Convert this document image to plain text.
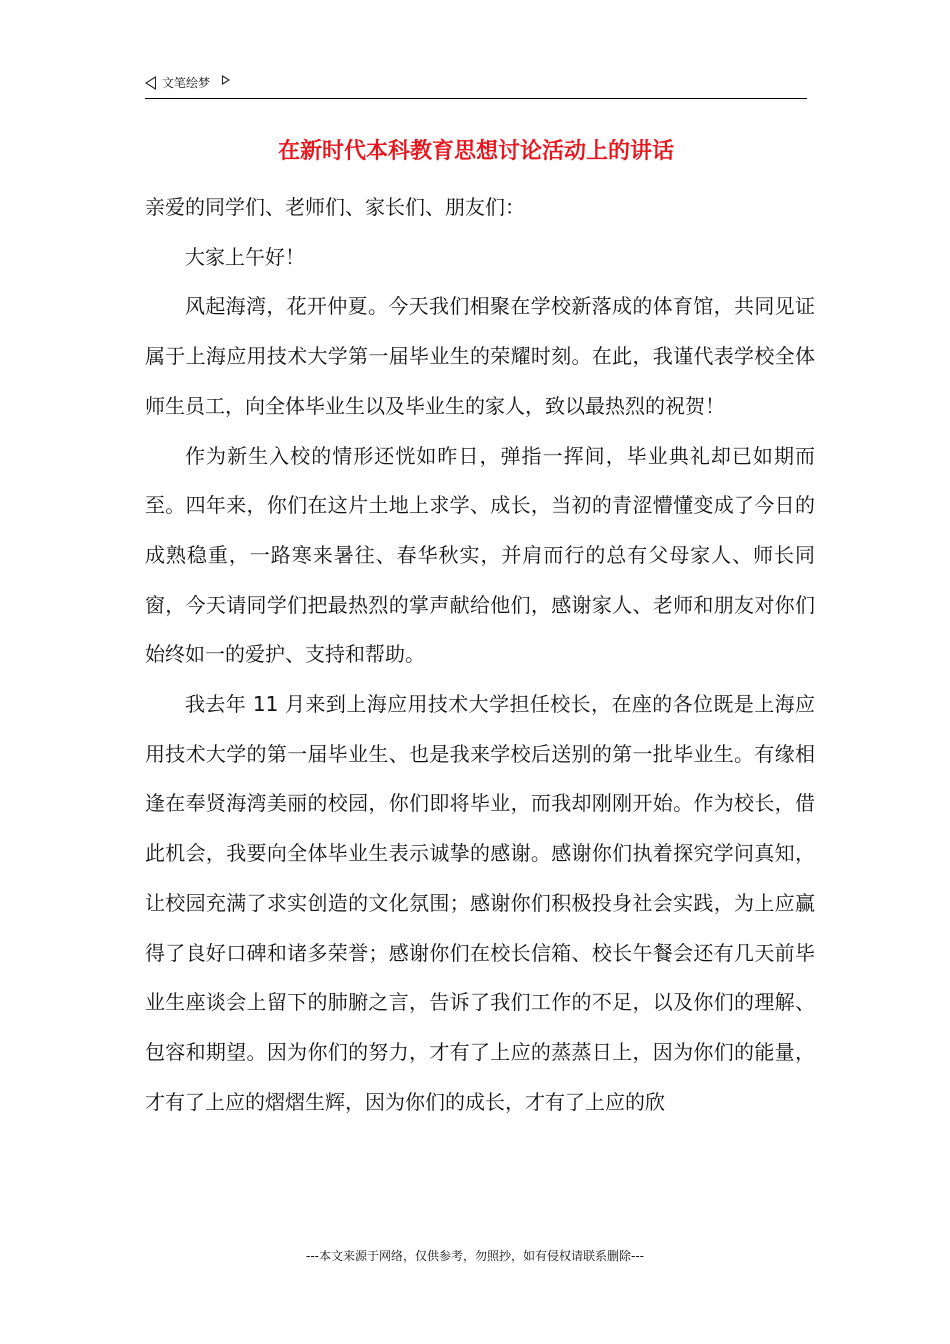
文笔绘梦
在新时代本科教育思想讨论活动上的讲话

亲爱的同学们、老师们、家长们、朋友们：

大家上午好！

风起海湾，花开仲夏。今天我们相聚在学校新落成的体育馆，共同见证属于上海应用技术大学第一届毕业生的荣耀时刻。在此，我谨代表学校全体师生员工，向全体毕业生以及毕业生的家人，致以最热烈的祝贺！

作为新生入校的情形还恍如昨日，弹指一挥间，毕业典礼却已如期而至。四年来，你们在这片土地上求学、成长，当初的青涩懵懂变成了今日的成熟稳重，一路寒来暑往、春华秋实，并肩而行的总有父母家人、师长同窗，今天请同学们把最热烈的掌声献给他们，感谢家人、老师和朋友对你们始终如一的爱护、支持和帮助。

我去年 11 月来到上海应用技术大学担任校长，在座的各位既是上海应用技术大学的第一届毕业生、也是我来学校后送别的第一批毕业生。有缘相逢在奉贤海湾美丽的校园，你们即将毕业，而我却刚刚开始。作为校长，借此机会，我要向全体毕业生表示诚挚的感谢。感谢你们执着探究学问真知，让校园充满了求实创造的文化氛围；感谢你们积极投身社会实践，为上应赢得了良好口碑和诸多荣誉；感谢你们在校长信箱、校长午餐会还有几天前毕业生座谈会上留下的肺腑之言，告诉了我们工作的不足，以及你们的理解、包容和期望。因为你们的努力，才有了上应的蒸蒸日上，因为你们的能量，才有了上应的熠熠生辉，因为你们的成长，才有了上应的欣

---本文来源于网络，仅供参考，勿照抄，如有侵权请联系删除---
